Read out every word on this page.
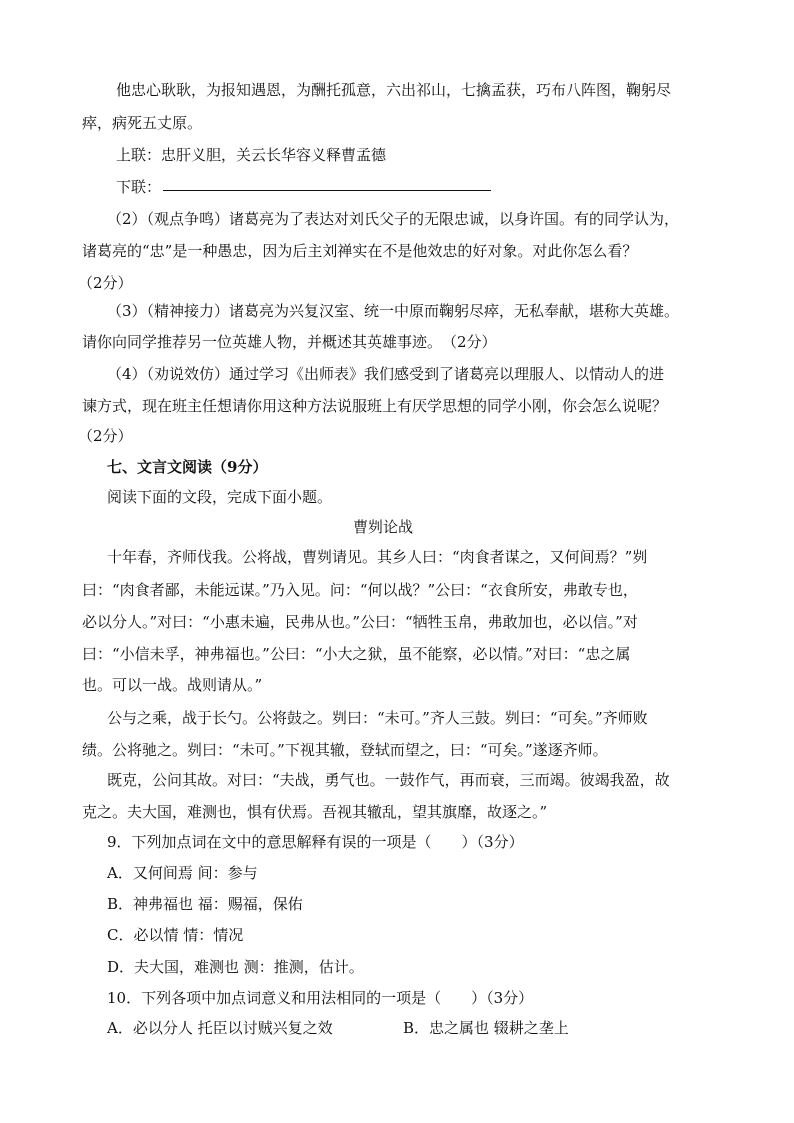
他忠心耿耿，为报知遇恩，为酬托孤意，六出祁山，七擒孟获，巧布八阵图，鞠躬尽
瘁，病死五丈原。
上联：忠肝义胆，关云长华容义释曹孟德
下联：
（2）（观点争鸣）诸葛亮为了表达对刘氏父子的无限忠诚，以身许国。有的同学认为，
诸葛亮的“忠”是一种愚忠，因为后主刘禅实在不是他效忠的好对象。对此你怎么看？
（2分）
（3）（精神接力）诸葛亮为兴复汉室、统一中原而鞠躬尽瘁，无私奉献，堪称大英雄。
请你向同学推荐另一位英雄人物，并概述其英雄事迹。　（2分）
（4）（劝说效仿）通过学习《出师表》我们感受到了诸葛亮以理服人、以情动人的进
谏方式，现在班主任想请你用这种方法说服班上有厌学思想的同学小刚，你会怎么说呢？
（2分）
七、文言文阅读（9分）
阅读下面的文段，完成下面小题。
曹刿论战
十年春，齐师伐我。公将战，曹刿请见。其乡人曰：“肉食者谋之，又何间焉？”刿
曰：“肉食者鄙，未能远谋。”乃入见。问：“何以战？”公曰：“衣食所安，弗敢专也，
必以分人。”对曰：“小惠未遍，民弗从也。”公曰：“牺牲玉帛，弗敢加也，必以信。”对
曰：“小信未孚，神弗福也。”公曰：“小大之狱，虽不能察，必以情。”对曰：“忠之属
也。可以一战。战则请从。”
公与之乘，战于长勺。公将鼓之。刿曰：“未可。”齐人三鼓。刿曰：“可矣。”齐师败
绩。公将驰之。刿曰：“未可。”下视其辙，登轼而望之，曰：“可矣。”遂逐齐师。
既克，公问其故。对曰：“夫战，勇气也。一鼓作气，再而衰，三而竭。彼竭我盈，故
克之。夫大国，难测也，惧有伏焉。吾视其辙乱，望其旗靡，故逐之。”
9．下列加点词在文中的意思解释有误的一项是（　　）（3分）
A．又何间焉 间：参与
B．神弗福也 福：赐福，保佑
C．必以情 情：情况
D．夫大国，难测也 测：推测，估计。
10．下列各项中加点词意义和用法相同的一项是（　　）（3分）
A．必以分人 托臣以讨贼兴复之效	B．忠之属也 辍耕之垄上
